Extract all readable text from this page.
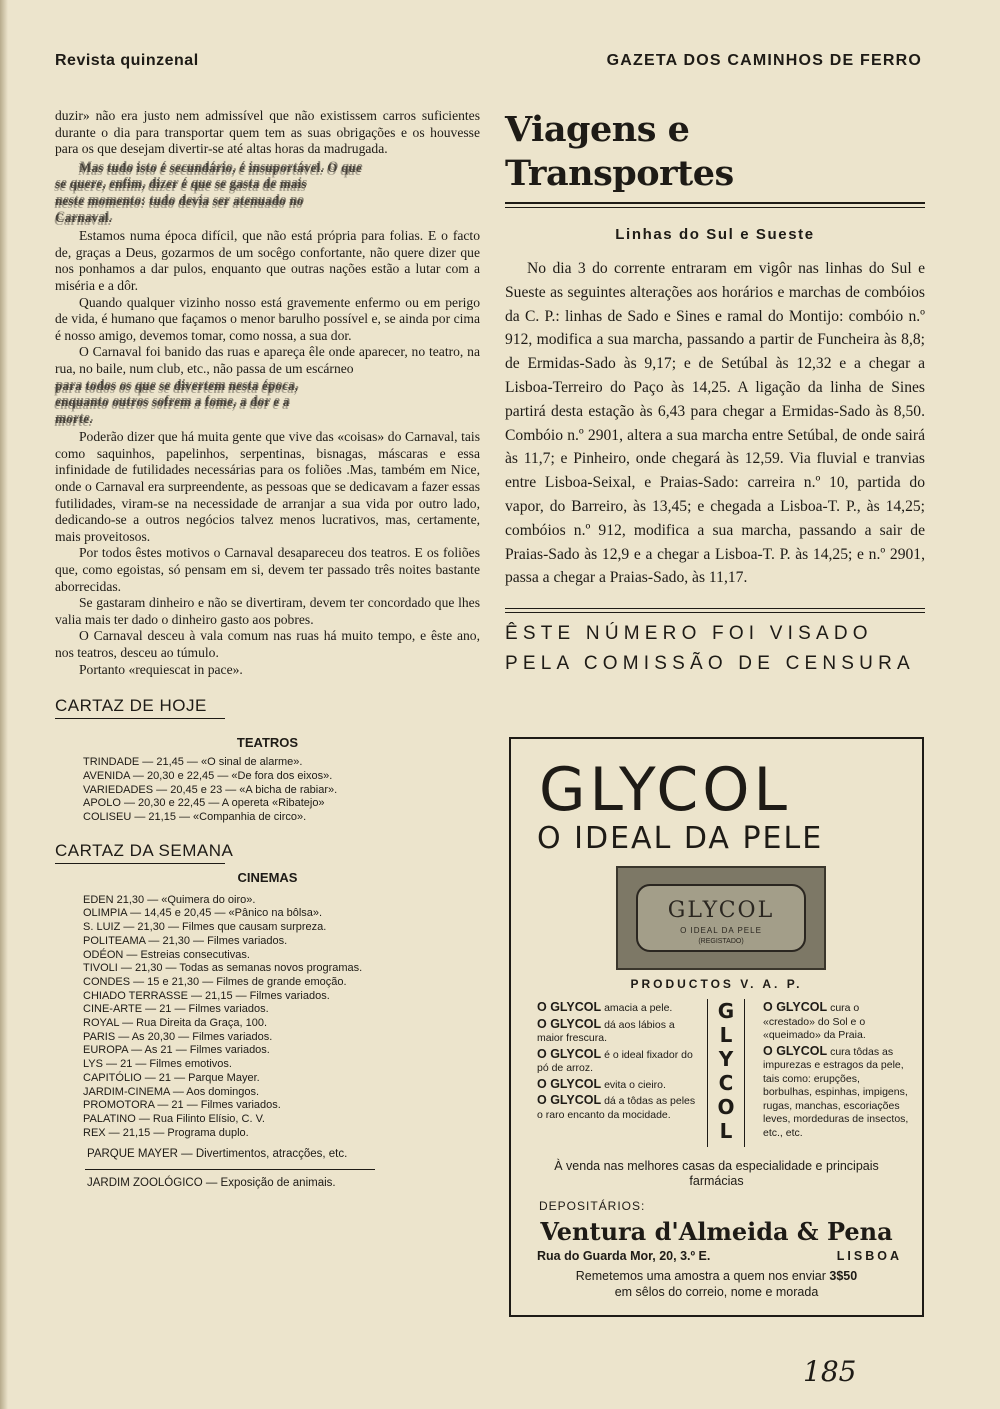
Revista quinzenal	GAZETA DOS CAMINHOS DE FERRO

duzir» não era justo nem admissível que não existissem carros suficientes durante o dia para transportar quem tem as suas obrigações e os houvesse para os que desejam divertir-se até altas horas da madrugada.

Mas tudo isto é secundário, é insuportável. O que
se quere, enfim, dizer é que se gasta de mais
neste momento: tudo devia ser atenuado no
Carnaval.

Estamos numa época difícil, que não está própria para folias. E o facto de, graças a Deus, gozarmos de um socêgo confortante, não quere dizer que nos ponhamos a dar pulos, enquanto que outras nações estão a lutar com a miséria e a dôr.

Quando qualquer vizinho nosso está gravemente enfermo ou em perigo de vida, é humano que façamos o menor barulho possível e, se ainda por cima é nosso amigo, devemos tomar, como nossa, a sua dor.

O Carnaval foi banido das ruas e apareça êle onde aparecer, no teatro, na rua, no baile, num club, etc., não passa de um escárneo

para todos os que se divertem nesta época,
enquanto outros sofrem a fome, a dor e a
morte.

Poderão dizer que há muita gente que vive das «coisas» do Carnaval, tais como saquinhos, papelinhos, serpentinas, bisnagas, máscaras e essa infinidade de futilidades necessárias para os foliões .Mas, também em Nice, onde o Carnaval era surpreendente, as pessoas que se dedicavam a fazer essas futilidades, viram-se na necessidade de arranjar a sua vida por outro lado, dedicando-se a outros negócios talvez menos lucrativos, mas, certamente, mais proveitosos.

Por todos êstes motivos o Carnaval desapareceu dos teatros. E os foliões que, como egoistas, só pensam em si, devem ter passado três noites bastante aborrecidas.

Se gastaram dinheiro e não se divertiram, devem ter concordado que lhes valia mais ter dado o dinheiro gasto aos pobres.

O Carnaval desceu à vala comum nas ruas há muito tempo, e êste ano, nos teatros, desceu ao túmulo.

Portanto «requiescat in pace».

CARTAZ DE HOJE
TEATROS
TRINDADE — 21,45 — «O sinal de alarme».
AVENIDA — 20,30 e 22,45 — «De fora dos eixos».
VARIEDADES — 20,45 e 23 — «A bicha de rabiar».
APOLO — 20,30 e 22,45 — A opereta «Ribatejo»
COLISEU — 21,15 — «Companhia de circo».
CARTAZ DA SEMANA
CINEMAS
EDEN 21,30 — «Quimera do oiro».
OLIMPIA — 14,45 e 20,45 — «Pânico na bôlsa».
S. LUIZ — 21,30 — Filmes que causam surpreza.
POLITEAMA — 21,30 — Filmes variados.
ODÉON — Estreias consecutivas.
TIVOLI — 21,30 — Todas as semanas novos programas.
CONDES — 15 e 21,30 — Filmes de grande emoção.
CHIADO TERRASSE — 21,15 — Filmes variados.
CINE-ARTE — 21 — Filmes variados.
ROYAL — Rua Direita da Graça, 100.
PARIS — As 20,30 — Filmes variados.
EUROPA — As 21 — Filmes variados.
LYS — 21 — Filmes emotivos.
CAPITÓLIO — 21 — Parque Mayer.
JARDIM-CINEMA — Aos domingos.
PROMOTORA — 21 — Filmes variados.
PALATINO — Rua Filinto Elísio, C. V.
REX — 21,15 — Programa duplo.
PARQUE MAYER — Divertimentos, atracções, etc.
JARDIM ZOOLÓGICO — Exposição de animais.
Viagens e Transportes
Linhas do Sul e Sueste

No dia 3 do corrente entraram em vigôr nas linhas do Sul e Sueste as seguintes alterações aos horários e marchas de combóios da C. P.: linhas de Sado e Sines e ramal do Montijo: combóio n.º 912, modifica a sua marcha, passando a partir de Funcheira às 8,8; de Ermidas-Sado às 9,17; e de Setúbal às 12,32 e a chegar a Lisboa-Terreiro do Paço às 14,25. A ligação da linha de Sines partirá desta estação às 6,43 para chegar a Ermidas-Sado às 8,50. Combóio n.º 2901, altera a sua marcha entre Setúbal, de onde sairá às 11,7; e Pinheiro, onde chegará às 12,59. Via fluvial e tranvias entre Lisboa-Seixal, e Praias-Sado: carreira n.º 10, partida do vapor, do Barreiro, às 13,45; e chegada a Lisboa-T. P., às 14,25; combóios n.º 912, modifica a sua marcha, passando a sair de Praias-Sado às 12,9 e a chegar a Lisboa-T. P. às 14,25; e n.º 2901, passa a chegar a Praias-Sado, às 11,17.

ÊSTE NÚMERO FOI VISADO
PELA COMISSÃO DE CENSURA
GLYCOL
O IDEAL DA PELE
GLYCOL
O IDEAL DA PELE
(REGISTADO)
PRODUCTOS V. A. P.

O GLYCOL amacia a pele.

O GLYCOL dá aos lábios a maior frescura.

O GLYCOL é o ideal fixador do pó de arroz.

O GLYCOL evita o cieiro.

O GLYCOL dá a tôdas as peles o raro encanto da mocidade.

G
L
Y
C
O
L

O GLYCOL cura o «crestado» do Sol e o «queimado» da Praia.

O GLYCOL cura tôdas as impurezas e estragos da pele, tais como: erupções, borbulhas, espinhas, impigens, rugas, manchas, escoriações leves, mordeduras de insectos, etc., etc.

À venda nas melhores casas da especialidade e principais farmácias
DEPOSITÁRIOS:
Ventura d'Almeida & Pena
Rua do Guarda Mor, 20, 3.º E.	LISBOA
Remetemos uma amostra a quem nos enviar 3$50
em sêlos do correio, nome e morada
185
